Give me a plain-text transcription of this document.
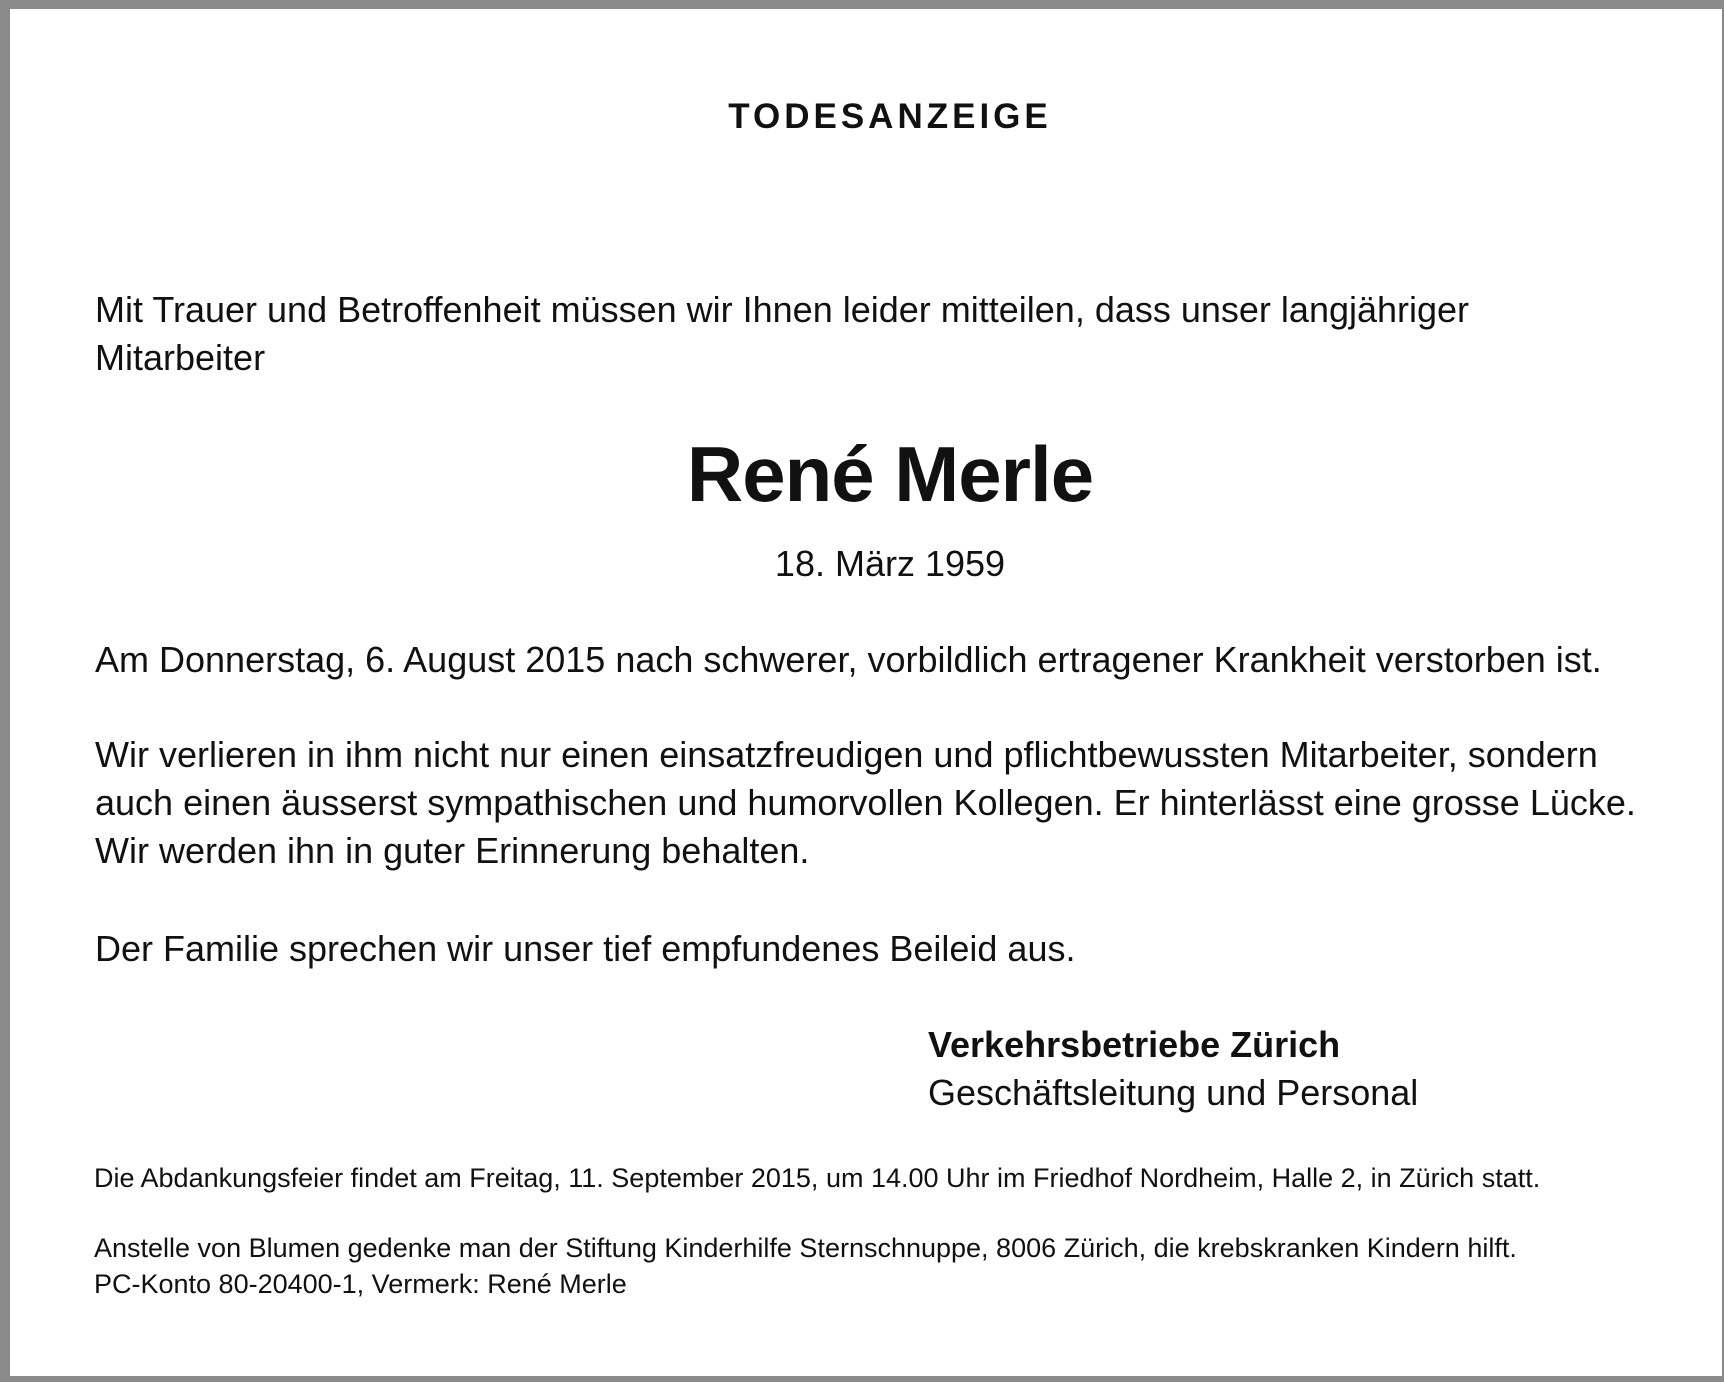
TODESANZEIGE

Mit Trauer und Betroffenheit müssen wir Ihnen leider mitteilen, dass unser langjähriger Mitarbeiter

René Merle
18. März 1959

Am Donnerstag, 6. August 2015 nach schwerer, vorbildlich ertragener Krankheit verstorben ist.

Wir verlieren in ihm nicht nur einen einsatzfreudigen und pflichtbewussten Mitarbeiter, sondern auch einen äusserst sympathischen und humorvollen Kollegen. Er hinterlässt eine grosse Lücke. Wir werden ihn in guter Erinnerung behalten.

Der Familie sprechen wir unser tief empfundenes Beileid aus.

Verkehrsbetriebe Zürich
Geschäftsleitung und Personal

Die Abdankungsfeier findet am Freitag, 11. September 2015, um 14.00 Uhr im Friedhof Nordheim, Halle 2, in Zürich statt.

Anstelle von Blumen gedenke man der Stiftung Kinderhilfe Sternschnuppe, 8006 Zürich, die krebskranken Kindern hilft.
PC-Konto 80-20400-1, Vermerk: René Merle
